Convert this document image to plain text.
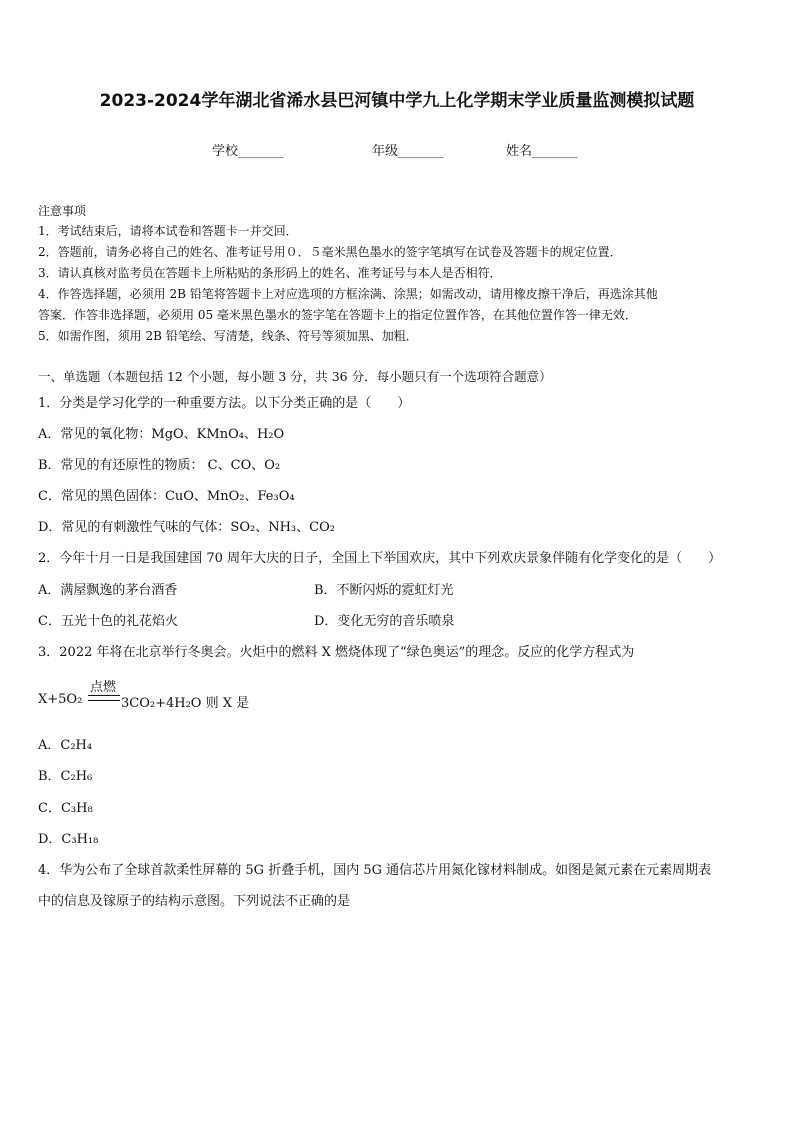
2023-2024学年湖北省浠水县巴河镇中学九上化学期末学业质量监测模拟试题
学校_______	年级_______	姓名_______
注意事项
1．考试结束后，请将本试卷和答题卡一并交回．
2．答题前，请务必将自己的姓名、准考证号用０．５毫米黑色墨水的签字笔填写在试卷及答题卡的规定位置．
3．请认真核对监考员在答题卡上所粘贴的条形码上的姓名、准考证号与本人是否相符．
4．作答选择题，必须用 2B 铅笔将答题卡上对应选项的方框涂满、涂黑；如需改动，请用橡皮擦干净后，再选涂其他
答案．作答非选择题，必须用 05 毫米黑色墨水的签字笔在答题卡上的指定位置作答，在其他位置作答一律无效．
5．如需作图，须用 2B 铅笔绘、写清楚，线条、符号等须加黑、加粗．
一、单选题（本题包括 12 个小题，每小题 3 分，共 36 分．每小题只有一个选项符合题意）
1．分类是学习化学的一种重要方法。以下分类正确的是（　　）
A．常见的氧化物：MgO、KMnO₄、H₂O
B．常见的有还原性的物质： C、CO、O₂
C．常见的黑色固体：CuO、MnO₂、Fe₃O₄
D．常见的有刺激性气味的气体：SO₂、NH₃、CO₂
2．今年十月一日是我国建国 70 周年大庆的日子，全国上下举国欢庆，其中下列欢庆景象伴随有化学变化的是（　　）
A．满屋飘逸的茅台酒香	B．不断闪烁的霓虹灯光
C．五光十色的礼花焰火	D．变化无穷的音乐喷泉
3．2022 年将在北京举行冬奥会。火炬中的燃料 X 燃烧体现了“绿色奥运”的理念。反应的化学方程式为
点燃
X+5O₂	3CO₂+4H₂O 则 X 是
A．C₂H₄
B．C₂H₆
C．C₃H₈
D．C₃H₁₈
4．华为公布了全球首款柔性屏幕的 5G 折叠手机，国内 5G 通信芯片用氮化镓材料制成。如图是氮元素在元素周期表
中的信息及镓原子的结构示意图。下列说法不正确的是
